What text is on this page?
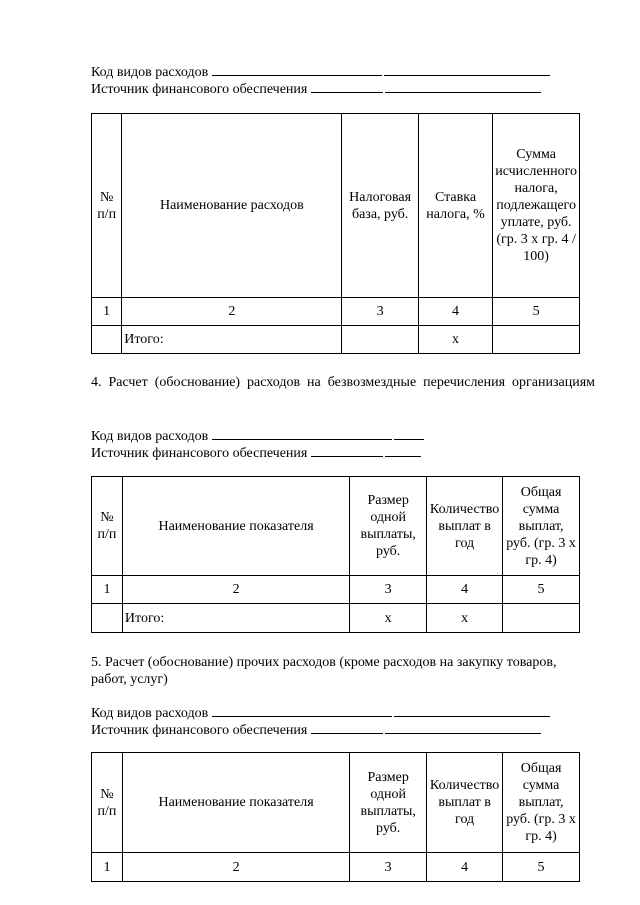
Код видов расходов
Источник финансового обеспечения
№ п/п	Наименование расходов	Налоговая база, руб.	Ставка налога, %	Сумма исчисленного налога, подлежащего уплате, руб. (гр. 3 x гр. 4 / 100)
1	2	3	4	5
	Итого:		x	
4. Расчет (обоснование) расходов на безвозмездные перечисления организациям
Код видов расходов
Источник финансового обеспечения
№ п/п	Наименование показателя	Размер одной выплаты, руб.	Количество выплат в год	Общая сумма выплат, руб. (гр. 3 x гр. 4)
1	2	3	4	5
	Итого:	x	x	
5. Расчет (обоснование) прочих расходов (кроме расходов на закупку товаров, работ, услуг)
Код видов расходов
Источник финансового обеспечения
№ п/п	Наименование показателя	Размер одной выплаты, руб.	Количество выплат в год	Общая сумма выплат, руб. (гр. 3 x гр. 4)
1	2	3	4	5
